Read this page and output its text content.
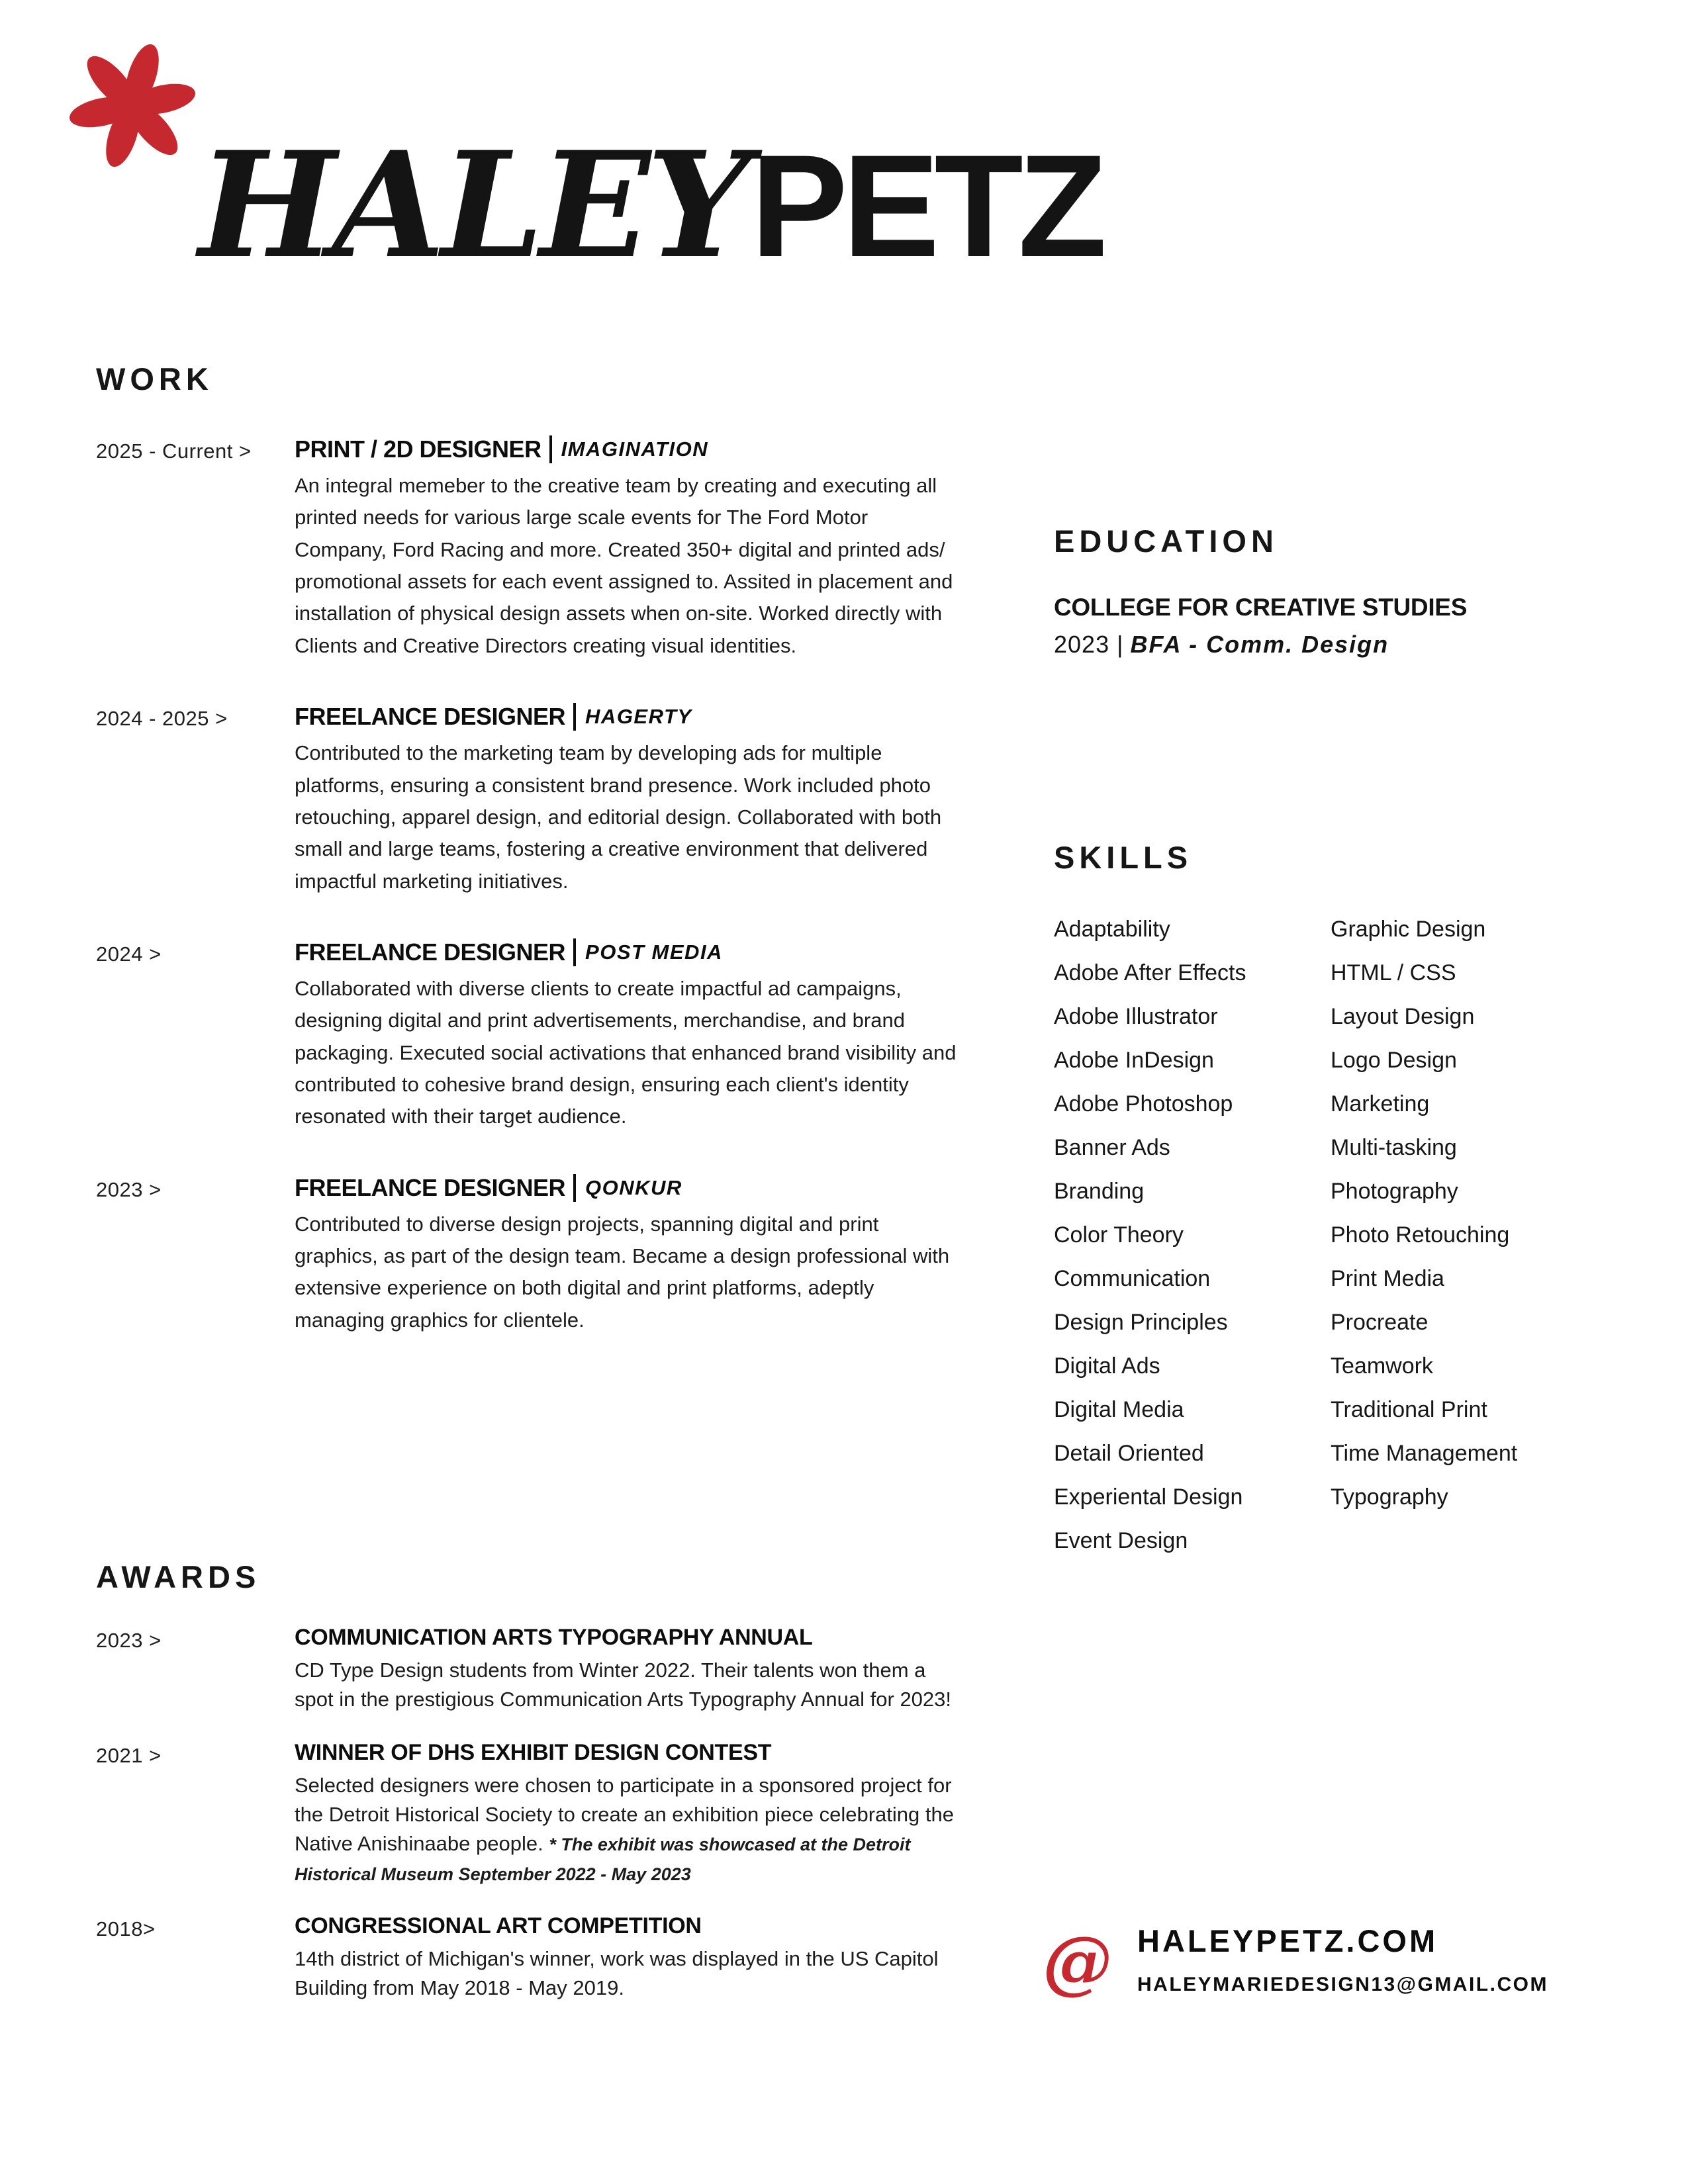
HALEYPETZ
WORK
2025 - Current >	PRINT / 2D DESIGNER IMAGINATION

An integral memeber to the creative team by creating and executing all printed needs for various large scale events for The Ford Motor Company, Ford Racing and more. Created 350+ digital and printed ads/ promotional assets for each event assigned to. Assited in placement and installation of physical design assets when on-site. Worked directly with Clients and Creative Directors creating visual identities.

2024 - 2025 >	FREELANCE DESIGNER HAGERTY

Contributed to the marketing team by developing ads for multiple platforms, ensuring a consistent brand presence. Work included photo retouching, apparel design, and editorial design. Collaborated with both small and large teams, fostering a creative environment that delivered impactful marketing initiatives.

2024 >	FREELANCE DESIGNER POST MEDIA

Collaborated with diverse clients to create impactful ad campaigns, designing digital and print advertisements, merchandise, and brand packaging. Executed social activations that enhanced brand visibility and contributed to cohesive brand design, ensuring each client's identity resonated with their target audience.

2023 >	FREELANCE DESIGNER QONKUR

Contributed to diverse design projects, spanning digital and print graphics, as part of the design team. Became a design professional with extensive experience on both digital and print platforms, adeptly managing graphics for clientele.

AWARDS
2023 >	COMMUNICATION ARTS TYPOGRAPHY ANNUAL

CD Type Design students from Winter 2022. Their talents won them a spot in the prestigious Communication Arts Typography Annual for 2023!

2021 >	WINNER OF DHS EXHIBIT DESIGN CONTEST

Selected designers were chosen to participate in a sponsored project for the Detroit Historical Society to create an exhibition piece celebrating the Native Anishinaabe people. * The exhibit was showcased at the Detroit Historical Museum September 2022 - May 2023

2018>	CONGRESSIONAL ART COMPETITION

14th district of Michigan's winner, work was displayed in the US Capitol Building from May 2018 - May 2019.

EDUCATION
COLLEGE FOR CREATIVE STUDIES
2023 | BFA - Comm. Design
SKILLS
Adaptability
Adobe After Effects
Adobe Illustrator
Adobe InDesign
Adobe Photoshop
Banner Ads
Branding
Color Theory
Communication
Design Principles
Digital Ads
Digital Media
Detail Oriented
Experiental Design
Event Design
Graphic Design
HTML / CSS
Layout Design
Logo Design
Marketing
Multi-tasking
Photography
Photo Retouching
Print Media
Procreate
Teamwork
Traditional Print
Time Management
Typography
@ HALEYPETZ.COM
HALEYMARIEDESIGN13@GMAIL.COM
